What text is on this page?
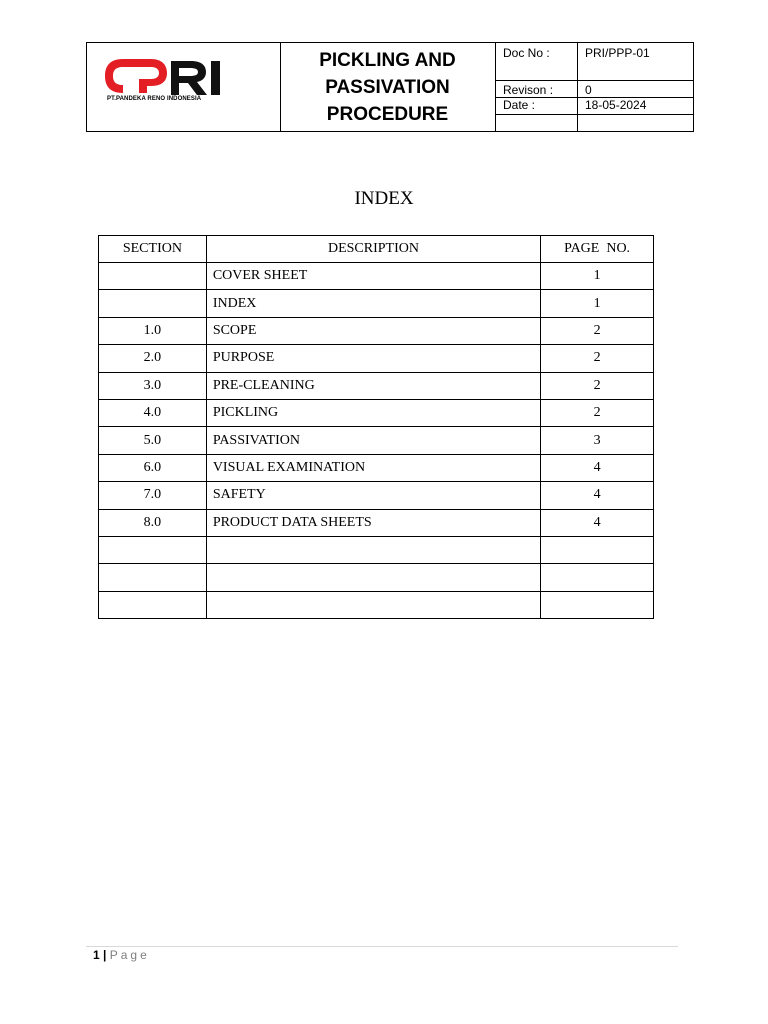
PT.PANDEKA RENO INDONESIA
PICKLING AND
PASSIVATION
PROCEDURE
Doc No :	PRI/PPP-01
Revison :	0
Date :	18-05-2024
INDEX
SECTION	DESCRIPTION	PAGE  NO.
	COVER SHEET	1
	INDEX	1
1.0	SCOPE	2
2.0	PURPOSE	2
3.0	PRE-CLEANING	2
4.0	PICKLING	2
5.0	PASSIVATION	3
6.0	VISUAL EXAMINATION	4
7.0	SAFETY	4
8.0	PRODUCT DATA SHEETS	4

1 | Page
